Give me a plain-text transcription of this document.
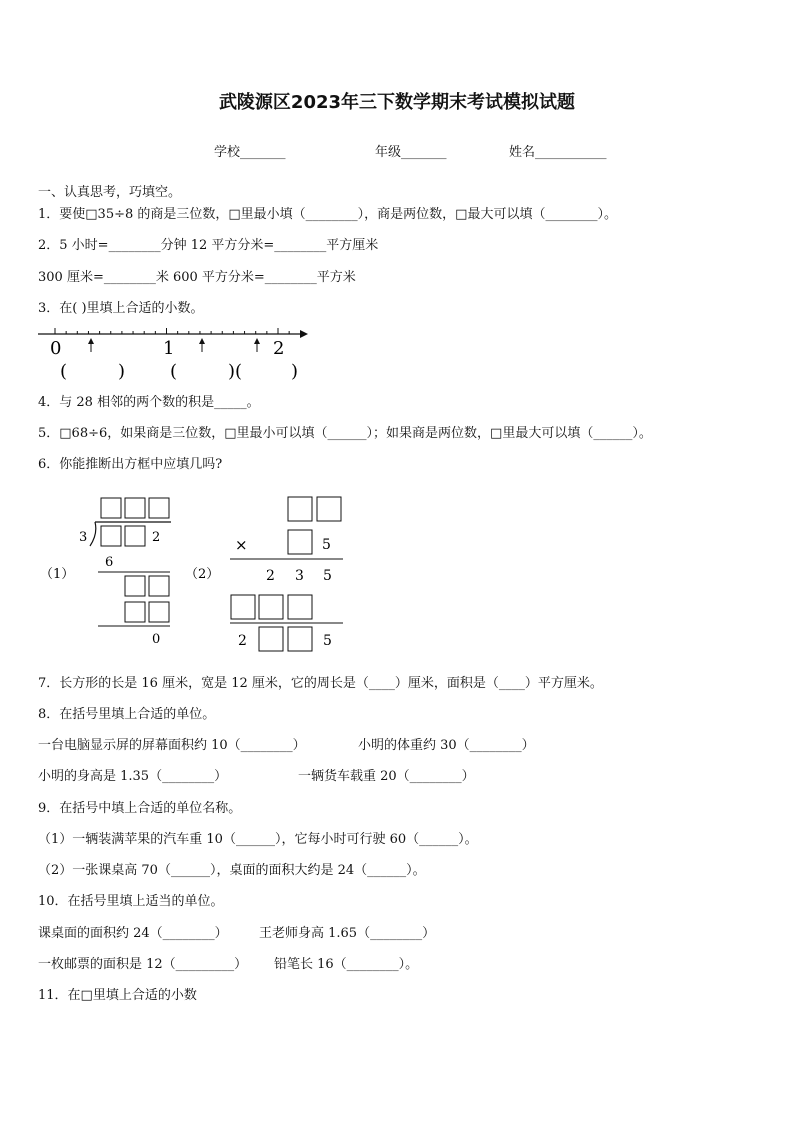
武陵源区2023年三下数学期末考试模拟试题
学校_______	年级_______	姓名___________
一、认真思考，巧填空。
1．要使□35÷8 的商是三位数，□里最小填（________），商是两位数，□最大可以填（________）。
2．5 小时=________分钟 12 平方分米=________平方厘米
300 厘米=________米 600 平方分米=________平方米
3．在( )里填上合适的小数。
0	1	2
(	) (	)(	)
4．与 28 相邻的两个数的积是_____。
5．□68÷6，如果商是三位数，□里最小可以填（______）；如果商是两位数，□里最大可以填（______）。
6．你能推断出方框中应填几吗?
（1）
3	2
6
0
（2）
×	5
2 3 5
2	5
7．长方形的长是 16 厘米，宽是 12 厘米，它的周长是（____）厘米，面积是（____）平方厘米。
8．在括号里填上合适的单位。
一台电脑显示屏的屏幕面积约 10（________）	小明的体重约 30（________）
小明的身高是 1.35（________）	一辆货车载重 20（________）
9．在括号中填上合适的单位名称。
（1）一辆装满苹果的汽车重 10（______），它每小时可行驶 60（______）。
（2）一张课桌高 70（______），桌面的面积大约是 24（______）。
10．在括号里填上适当的单位。
课桌面的面积约 24（________） 王老师身高 1.65（________）
一枚邮票的面积是 12（_________） 铅笔长 16（________）。
11．在□里填上合适的小数
